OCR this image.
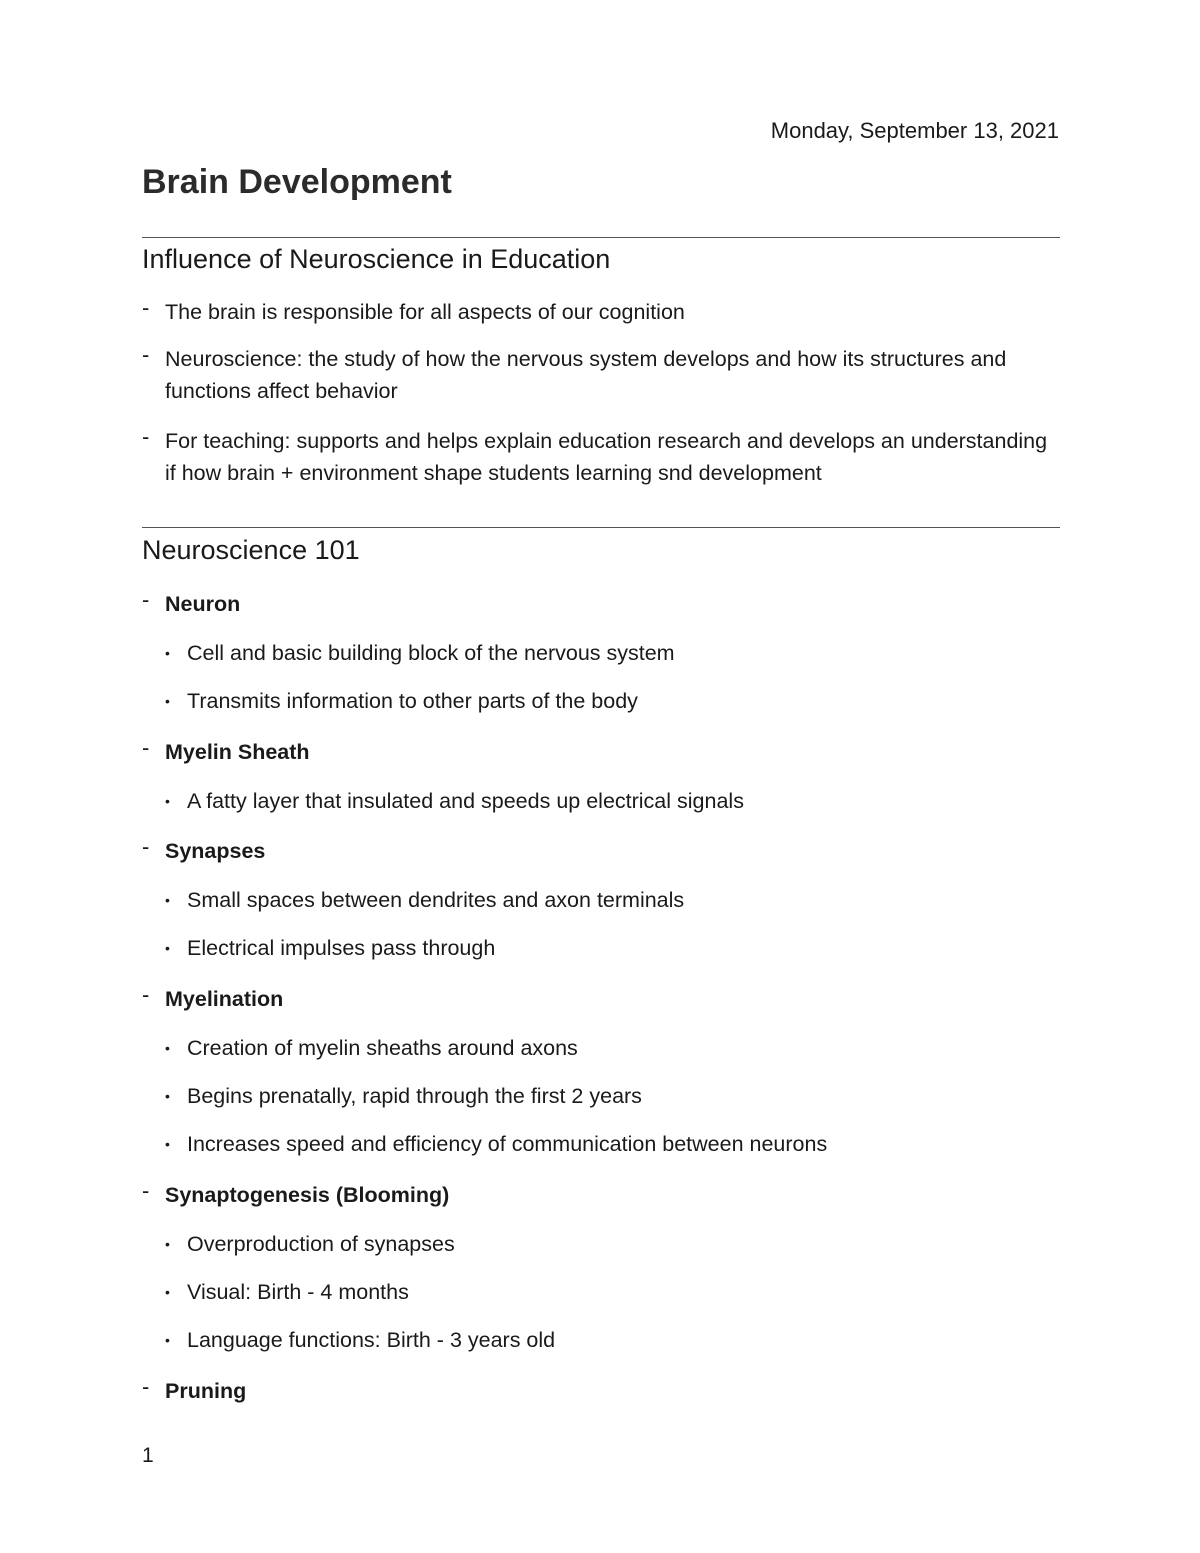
Monday, September 13, 2021
Brain Development
Influence of Neuroscience in Education
- The brain is responsible for all aspects of our cognition
- Neuroscience: the study of how the nervous system develops and how its structures and functions affect behavior
- For teaching: supports and helps explain education research and develops an understanding if how brain + environment shape students learning snd development
Neuroscience 101
- Neuron
• Cell and basic building block of the nervous system
• Transmits information to other parts of the body
- Myelin Sheath
• A fatty layer that insulated and speeds up electrical signals
- Synapses
• Small spaces between dendrites and axon terminals
• Electrical impulses pass through
- Myelination
• Creation of myelin sheaths around axons
• Begins prenatally, rapid through the first 2 years
• Increases speed and efficiency of communication between neurons
- Synaptogenesis (Blooming)
• Overproduction of synapses
• Visual: Birth - 4 months
• Language functions: Birth - 3 years old
- Pruning
1
